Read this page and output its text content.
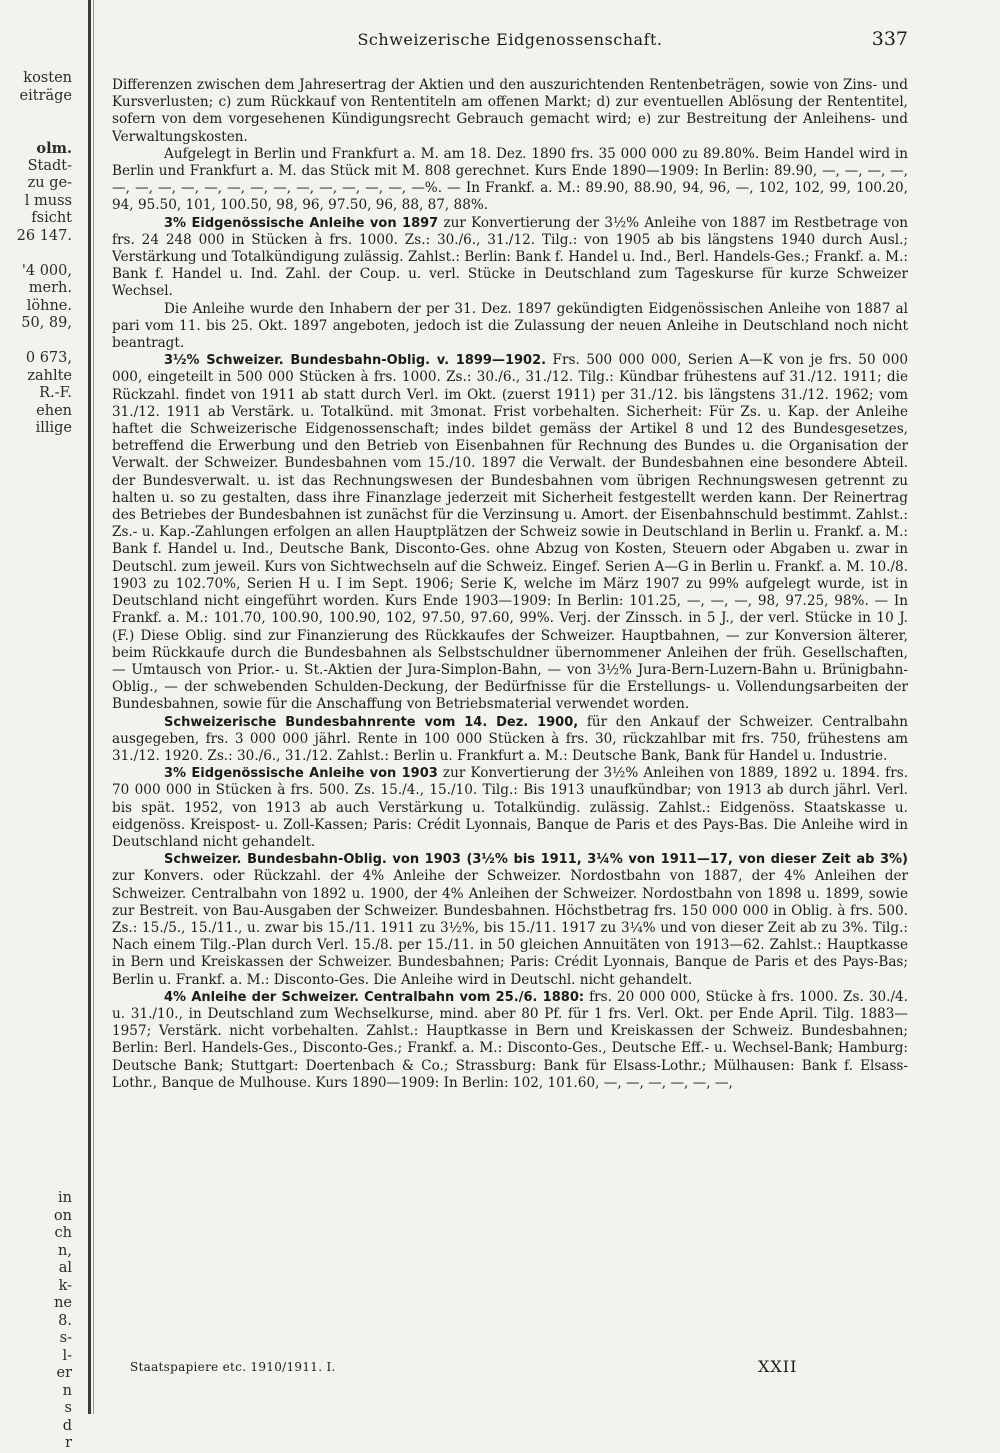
kosten
eiträge
olm.
Stadt-
zu ge-
l muss
fsicht
26 147.
'4 000,
merh.
löhne.
50, 89,
0 673,
zahlte
R.-F.
ehen
illige
in
on
ch
n,
al
k-
ne
8.
s-
l-
er
n
s
d
r
Schweizerische Eidgenossenschaft.	337

Differenzen zwischen dem Jahresertrag der Aktien und den auszurichtenden Rentenbeträgen, sowie von Zins- und Kursverlusten; c) zum Rückkauf von Rententiteln am offenen Markt; d) zur eventuellen Ablösung der Rententitel, sofern von dem vorgesehenen Kündigungsrecht Gebrauch gemacht wird; e) zur Bestreitung der Anleihens- und Verwaltungskosten.

Aufgelegt in Berlin und Frankfurt a. M. am 18. Dez. 1890 frs. 35 000 000 zu 89.80%. Beim Handel wird in Berlin und Frankfurt a. M. das Stück mit M. 808 gerechnet. Kurs Ende 1890—1909: In Berlin: 89.90, —, —, —, —, —, —, —, —, —, —, —, —, —, —, —, —, —, —%. — In Frankf. a. M.: 89.90, 88.90, 94, 96, —, 102, 102, 99, 100.20, 94, 95.50, 101, 100.50, 98, 96, 97.50, 96, 88, 87, 88%.

3% Eidgenössische Anleihe von 1897 zur Konvertierung der 3½% Anleihe von 1887 im Restbetrage von frs. 24 248 000 in Stücken à frs. 1000. Zs.: 30./6., 31./12. Tilg.: von 1905 ab bis längstens 1940 durch Ausl.; Verstärkung und Totalkündigung zulässig. Zahlst.: Berlin: Bank f. Handel u. Ind., Berl. Handels-Ges.; Frankf. a. M.: Bank f. Handel u. Ind. Zahl. der Coup. u. verl. Stücke in Deutschland zum Tageskurse für kurze Schweizer Wechsel.

Die Anleihe wurde den Inhabern der per 31. Dez. 1897 gekündigten Eidgenössischen Anleihe von 1887 al pari vom 11. bis 25. Okt. 1897 angeboten, jedoch ist die Zulassung der neuen Anleihe in Deutschland noch nicht beantragt.

3½% Schweizer. Bundesbahn-Oblig. v. 1899—1902. Frs. 500 000 000, Serien A—K von je frs. 50 000 000, eingeteilt in 500 000 Stücken à frs. 1000. Zs.: 30./6., 31./12. Tilg.: Kündbar frühestens auf 31./12. 1911; die Rückzahl. findet von 1911 ab statt durch Verl. im Okt. (zuerst 1911) per 31./12. bis längstens 31./12. 1962; vom 31./12. 1911 ab Verstärk. u. Totalkünd. mit 3monat. Frist vorbehalten. Sicherheit: Für Zs. u. Kap. der Anleihe haftet die Schweizerische Eidgenossenschaft; indes bildet gemäss der Artikel 8 und 12 des Bundesgesetzes, betreffend die Erwerbung und den Betrieb von Eisenbahnen für Rechnung des Bundes u. die Organisation der Verwalt. der Schweizer. Bundesbahnen vom 15./10. 1897 die Verwalt. der Bundesbahnen eine besondere Abteil. der Bundesverwalt. u. ist das Rechnungswesen der Bundesbahnen vom übrigen Rechnungswesen getrennt zu halten u. so zu gestalten, dass ihre Finanzlage jederzeit mit Sicherheit festgestellt werden kann. Der Reinertrag des Betriebes der Bundesbahnen ist zunächst für die Verzinsung u. Amort. der Eisenbahnschuld bestimmt. Zahlst.: Zs.- u. Kap.-Zahlungen erfolgen an allen Hauptplätzen der Schweiz sowie in Deutschland in Berlin u. Frankf. a. M.: Bank f. Handel u. Ind., Deutsche Bank, Disconto-Ges. ohne Abzug von Kosten, Steuern oder Abgaben u. zwar in Deutschl. zum jeweil. Kurs von Sichtwechseln auf die Schweiz. Eingef. Serien A—G in Berlin u. Frankf. a. M. 10./8. 1903 zu 102.70%, Serien H u. I im Sept. 1906; Serie K, welche im März 1907 zu 99% aufgelegt wurde, ist in Deutschland nicht eingeführt worden. Kurs Ende 1903—1909: In Berlin: 101.25, —, —, —, 98, 97.25, 98%. — In Frankf. a. M.: 101.70, 100.90, 100.90, 102, 97.50, 97.60, 99%. Verj. der Zinssch. in 5 J., der verl. Stücke in 10 J. (F.) Diese Oblig. sind zur Finanzierung des Rückkaufes der Schweizer. Hauptbahnen, — zur Konversion älterer, beim Rückkaufe durch die Bundesbahnen als Selbstschuldner übernommener Anleihen der früh. Gesellschaften, — Umtausch von Prior.- u. St.-Aktien der Jura-Simplon-Bahn, — von 3½% Jura-Bern-Luzern-Bahn u. Brünigbahn-Oblig., — der schwebenden Schulden-Deckung, der Bedürfnisse für die Erstellungs- u. Vollendungsarbeiten der Bundesbahnen, sowie für die Anschaffung von Betriebsmaterial verwendet worden.

Schweizerische Bundesbahnrente vom 14. Dez. 1900, für den Ankauf der Schweizer. Centralbahn ausgegeben, frs. 3 000 000 jährl. Rente in 100 000 Stücken à frs. 30, rückzahlbar mit frs. 750, frühestens am 31./12. 1920. Zs.: 30./6., 31./12. Zahlst.: Berlin u. Frankfurt a. M.: Deutsche Bank, Bank für Handel u. Industrie.

3% Eidgenössische Anleihe von 1903 zur Konvertierung der 3½% Anleihen von 1889, 1892 u. 1894. frs. 70 000 000 in Stücken à frs. 500. Zs. 15./4., 15./10. Tilg.: Bis 1913 unaufkündbar; von 1913 ab durch jährl. Verl. bis spät. 1952, von 1913 ab auch Verstärkung u. Totalkündig. zulässig. Zahlst.: Eidgenöss. Staatskasse u. eidgenöss. Kreispost- u. Zoll-Kassen; Paris: Crédit Lyonnais, Banque de Paris et des Pays-Bas. Die Anleihe wird in Deutschland nicht gehandelt.

Schweizer. Bundesbahn-Oblig. von 1903 (3½% bis 1911, 3¼% von 1911—17, von dieser Zeit ab 3%) zur Konvers. oder Rückzahl. der 4% Anleihe der Schweizer. Nordostbahn von 1887, der 4% Anleihen der Schweizer. Centralbahn von 1892 u. 1900, der 4% Anleihen der Schweizer. Nordostbahn von 1898 u. 1899, sowie zur Bestreit. von Bau-Ausgaben der Schweizer. Bundesbahnen. Höchstbetrag frs. 150 000 000 in Oblig. à frs. 500. Zs.: 15./5., 15./11., u. zwar bis 15./11. 1911 zu 3½%, bis 15./11. 1917 zu 3¼% und von dieser Zeit ab zu 3%. Tilg.: Nach einem Tilg.-Plan durch Verl. 15./8. per 15./11. in 50 gleichen Annuitäten von 1913—62. Zahlst.: Hauptkasse in Bern und Kreiskassen der Schweizer. Bundesbahnen; Paris: Crédit Lyonnais, Banque de Paris et des Pays-Bas; Berlin u. Frankf. a. M.: Disconto-Ges. Die Anleihe wird in Deutschl. nicht gehandelt.

4% Anleihe der Schweizer. Centralbahn vom 25./6. 1880: frs. 20 000 000, Stücke à frs. 1000. Zs. 30./4. u. 31./10., in Deutschland zum Wechselkurse, mind. aber 80 Pf. für 1 frs. Verl. Okt. per Ende April. Tilg. 1883—1957; Verstärk. nicht vorbehalten. Zahlst.: Hauptkasse in Bern und Kreiskassen der Schweiz. Bundesbahnen; Berlin: Berl. Handels-Ges., Disconto-Ges.; Frankf. a. M.: Disconto-Ges., Deutsche Eff.- u. Wechsel-Bank; Hamburg: Deutsche Bank; Stuttgart: Doertenbach & Co.; Strassburg: Bank für Elsass-Lothr.; Mülhausen: Bank f. Elsass-Lothr., Banque de Mulhouse. Kurs 1890—1909: In Berlin: 102, 101.60, —, —, —, —, —, —,

Staatspapiere etc. 1910/1911. I.	XXII
